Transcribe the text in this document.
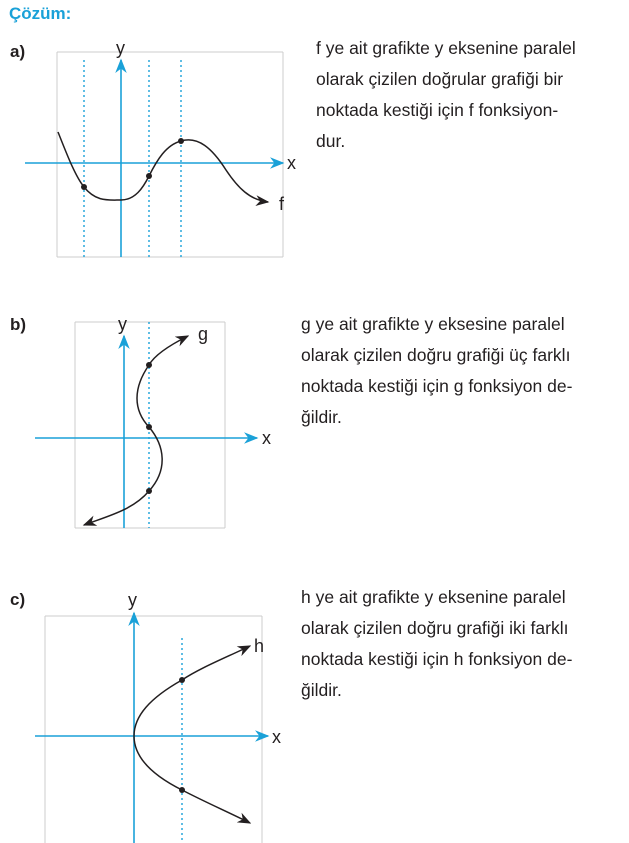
Çözüm:
a)
x
y
f
f ye ait grafikte y eksenine paralel
olarak çizilen doğrular grafiği bir
noktada kestiği için f fonksiyon-
dur.
b)
x
y	g	g ye ait grafikte y eksesine paralel
olarak çizilen doğru grafiği üç farklı
noktada kestiği için g fonksiyon de-
ğildir.
c)
x
y
h
h ye ait grafikte y eksenine paralel
olarak çizilen doğru grafiği iki farklı
noktada kestiği için h fonksiyon de-
ğildir.
